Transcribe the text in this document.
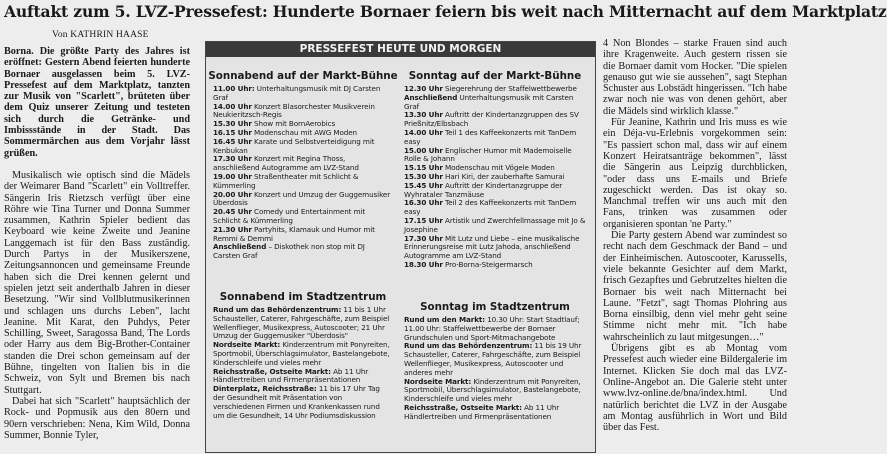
Auftakt zum 5. LVZ-Pressefest: Hunderte Bornaer feiern bis weit nach Mitternacht auf dem Marktplatz
Von KATHRIN HAASE

Borna. Die größte Party des Jahres ist eröffnet: Gestern Abend feierten hunderte Bornaer ausgelassen beim 5. LVZ-Pressefest auf dem Marktplatz, tanzten zur Musik von "Scarlett", brüteten über dem Quiz unserer Zeitung und testeten sich durch die Getränke- und Imbissstände in der Stadt. Das Sommermärchen aus dem Vorjahr lässt grüßen.

Musikalisch wie optisch sind die Mädels der Weimarer Band "Scarlett" ein Volltreffer. Sängerin Iris Rietzsch verfügt über eine Röhre wie Tina Turner und Donna Summer zusammen, Kathrin Spieler bedient das Keyboard wie keine Zweite und Jeanine Langgemach ist für den Bass zuständig. Durch Partys in der Musikerszene, Zeitungsannoncen und gemeinsame Freunde haben sich die Drei kennen gelernt und spielen jetzt seit anderthalb Jahren in dieser Besetzung. "Wir sind Vollblutmusikerinnen und schlagen uns durchs Leben", lacht Jeanine. Mit Karat, den Puhdys, Peter Schilling, Sweet, Saragossa Band, The Lords oder Harry aus dem Big-Brother-Container standen die Drei schon gemeinsam auf der Bühne, tingelten von Italien bis in die Schweiz, von Sylt und Bremen bis nach Stuttgart.

Dabei hat sich "Scarlett" hauptsächlich der Rock- und Popmusik aus den 80ern und 90ern verschrieben: Nena, Kim Wild, Donna Summer, Bonnie Tyler,

PRESSEFEST HEUTE UND MORGEN
Sonnabend auf der Markt-Bühne
11.00 Uhr: Unterhaltungsmusik mit DJ Carsten Graf
14.00 Uhr Konzert Blasorchester Musikverein Neukieritzsch-Regis
15.30 Uhr Show mit BornAerobics
16.15 Uhr Modenschau mit AWG Moden
16.45 Uhr Karate und Selbstverteidigung mit Kenbukan
17.30 Uhr Konzert mit Regina Thoss, anschließend Autogramme am LVZ-Stand
19.00 Uhr Straßentheater mit Schlicht & Kümmerling
20.00 Uhr Konzert und Umzug der Guggemusiker Überdosis
20.45 Uhr Comedy und Entertainment mit Schlicht & Kümmerling
21.30 Uhr Partyhits, Klamauk und Humor mit Remmi & Demmi
Anschließend – Diskothek non stop mit DJ Carsten Graf
Sonntag auf der Markt-Bühne
12.30 Uhr Siegerehrung der Staffelwettbewerbe
Anschließend Unterhaltungsmusik mit Carsten Graf
13.30 Uhr Auftritt der Kindertanzgruppen des SV Prießnitz/Elbsbach
14.00 Uhr Teil 1 des Kaffeekonzerts mit TanDem easy
15.00 Uhr Englischer Humor mit Mademoiselle Rolle & Johann
15.15 Uhr Modenschau mit Vögele Moden
15.30 Uhr Hari Kiri, der zauberhafte Samurai
15.45 Uhr Auftritt der Kindertanzgruppe der Wyhrataler Tanzmäuse
16.30 Uhr Teil 2 des Kaffeekonzerts mit TanDem easy
17.15 Uhr Artistik und Zwerchfellmassage mit Jo & Josephine
17.30 Uhr Mit Lutz und Liebe – eine musikalische Erinnerungsreise mit Lutz Jahoda, anschließend Autogramme am LVZ-Stand
18.30 Uhr Pro-Borna-Steigermarsch
Sonnabend im Stadtzentrum
Rund um das Behördenzentrum: 11 bis 1 Uhr Schausteller, Caterer, Fahrgeschäfte, zum Beispiel Wellenflieger, Musikexpress, Autoscooter; 21 Uhr Umzug der Guggemusiker "Überdosis"
Nordseite Markt: Kinderzentrum mit Ponyreiten, Sportmobil, Überschlagsimulator, Bastelangebote, Kinderschleife und vieles mehr
Reichsstraße, Ostseite Markt: Ab 11 Uhr Händlertreiben und Firmenpräsentationen
Dinterplatz, Reichsstraße: 11 bis 17 Uhr Tag der Gesundheit mit Präsentation von verschiedenen Firmen und Krankenkassen rund um die Gesundheit, 14 Uhr Podiumsdiskussion
Sonntag im Stadtzentrum
Rund um den Markt: 10.30 Uhr: Start Stadtlauf; 11.00 Uhr: Staffelwettbewerbe der Bornaer Grundschulen und Sport-Mitmachangebote
Rund um das Behördenzentrum: 11 bis 19 Uhr Schausteller, Caterer, Fahrgeschäfte, zum Beispiel Wellenflieger, Musikexpress, Autoscooter und anderes mehr
Nordseite Markt: Kinderzentrum mit Ponyreiten, Sportmobil, Überschlagsimulator, Bastelangebote, Kinderschleife und vieles mehr
Reichsstraße, Ostseite Markt: Ab 11 Uhr Händlertreiben und Firmenpräsentationen

4 Non Blondes – starke Frauen sind auch ihre Kragenweite. Auch gestern rissen sie die Bornaer damit vom Hocker. "Die spielen genauso gut wie sie aussehen", sagt Stephan Schuster aus Lobstädt hingerissen. "Ich habe zwar noch nie was von denen gehört, aber die Mädels sind wirklich klasse."

Für Jeanine, Kathrin und Iris muss es wie ein Déja-vu-Erlebnis vorgekommen sein: "Es passiert schon mal, dass wir auf einem Konzert Heiratsanträge bekommen", lässt die Sängerin aus Leipzig durchblicken, "oder dass uns E-mails und Briefe zugeschickt werden. Das ist okay so. Manchmal treffen wir uns auch mit den Fans, trinken was zusammen oder organisieren spontan 'ne Party."

Die Party gestern Abend war zumindest so recht nach dem Geschmack der Band – und der Einheimischen. Autoscooter, Karussells, viele bekannte Gesichter auf dem Markt, frisch Gezapftes und Gebrutzeltes hielten die Bornaer bis weit nach Mitternacht bei Laune. "Fetzt", sagt Thomas Plohring aus Borna einsilbig, denn viel mehr geht seine Stimme nicht mehr mit. "Ich habe wahrscheinlich zu laut mitgesungen…"

Übrigens gibt es ab Montag vom Pressefest auch wieder eine Bildergalerie im Internet. Klicken Sie doch mal das LVZ-Online-Angebot an. Die Galerie steht unter www.lvz-online.de/bna/index.html. Und natürlich berichtet die LVZ in der Ausgabe am Montag ausführlich in Wort und Bild über das Fest.
